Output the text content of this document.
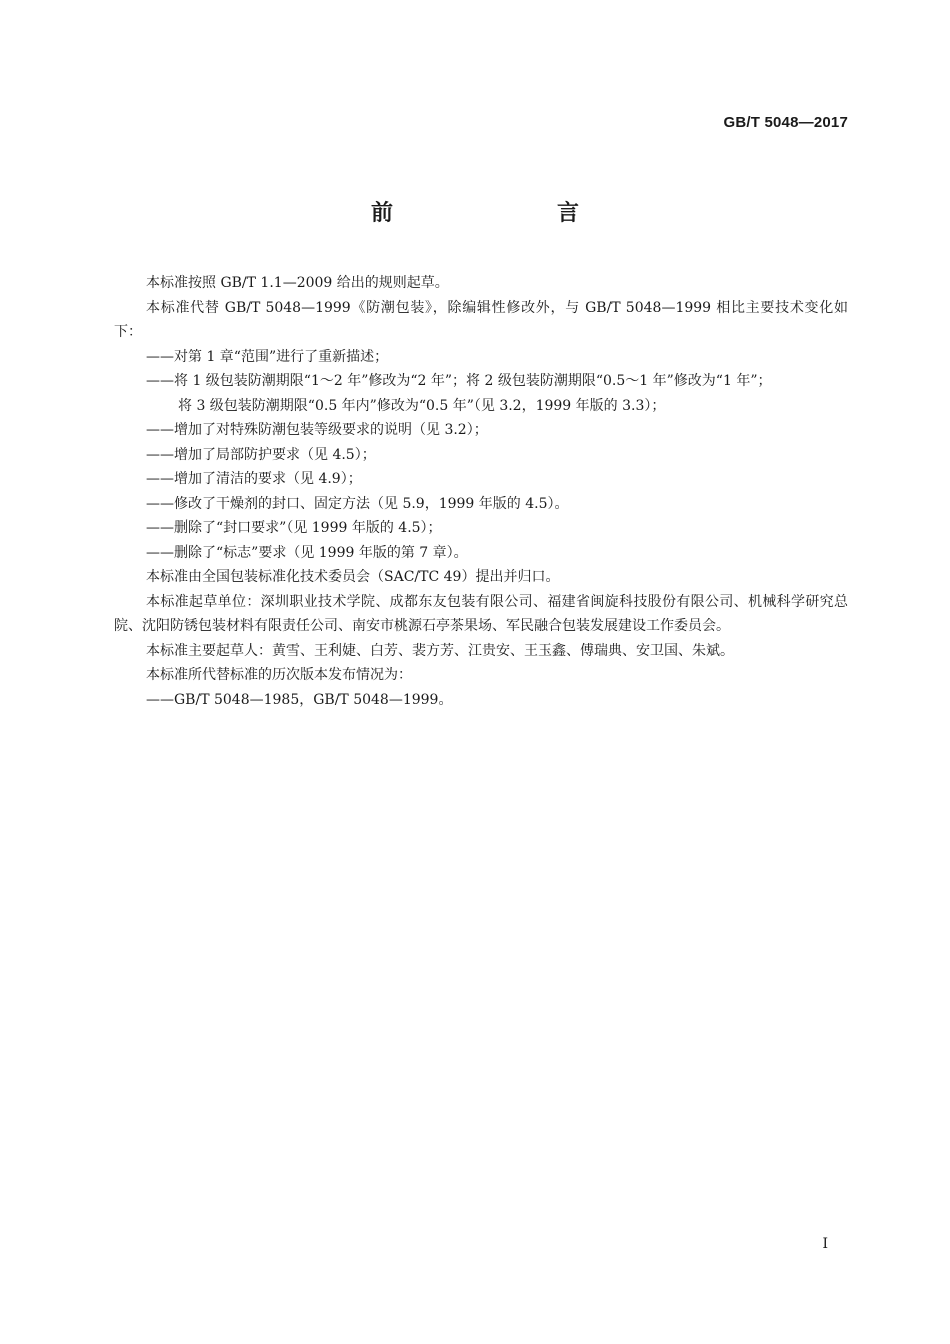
GB/T 5048—2017
前　　言

本标准按照 GB/T 1.1—2009 给出的规则起草。

本标准代替 GB/T 5048—1999《防潮包装》，除编辑性修改外，与 GB/T 5048—1999 相比主要技术变化如下：

——对第 1 章“范围”进行了重新描述；

——将 1 级包装防潮期限“1～2 年”修改为“2 年”；将 2 级包装防潮期限“0.5～1 年”修改为“1 年”；
将 3 级包装防潮期限“0.5 年内”修改为“0.5 年”（见 3.2，1999 年版的 3.3）；

——增加了对特殊防潮包装等级要求的说明（见 3.2）；

——增加了局部防护要求（见 4.5）；

——增加了清洁的要求（见 4.9）；

——修改了干燥剂的封口、固定方法（见 5.9，1999 年版的 4.5）。

——删除了“封口要求”（见 1999 年版的 4.5）；

——删除了“标志”要求（见 1999 年版的第 7 章）。

本标准由全国包装标准化技术委员会（SAC/TC 49）提出并归口。

本标准起草单位：深圳职业技术学院、成都东友包装有限公司、福建省闽旋科技股份有限公司、机械科学研究总院、沈阳防锈包装材料有限责任公司、南安市桃源石亭茶果场、军民融合包装发展建设工作委员会。

本标准主要起草人：黄雪、王利婕、白芳、裴方芳、江贵安、王玉鑫、傅瑞典、安卫国、朱斌。

本标准所代替标准的历次版本发布情况为：

——GB/T 5048—1985，GB/T 5048—1999。

I
